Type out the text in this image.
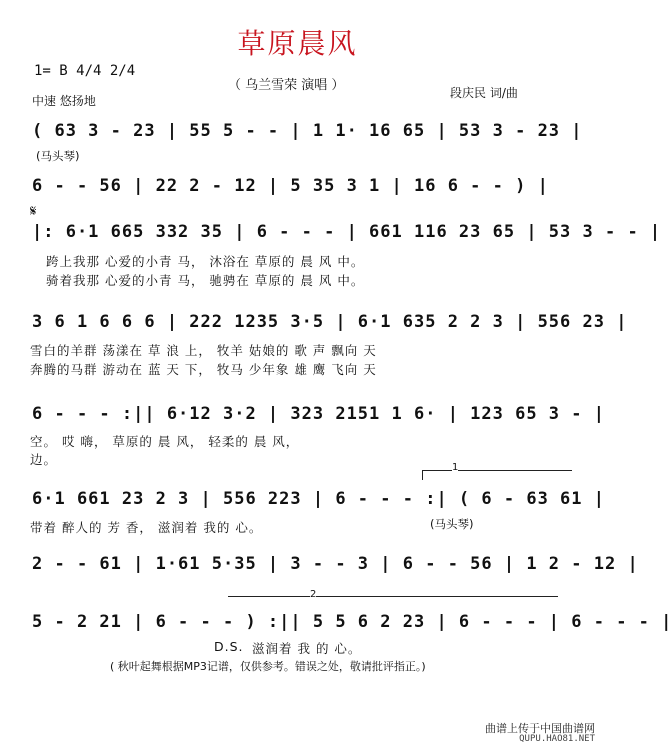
草原晨风
1= B 4/4 2/4
（ 乌兰雪荣 演唱 ）
中速 悠扬地
段庆民 词/曲
( 63 3 - 23 | 55 5 - - | 1 1· 16 65 | 53 3 - 23 |
(马头琴)
6 - - 56 | 22 2 - 12 | 5 35 3 1 | 16 6 - - ) |
𝄋
|: 6·1 665 332 35 | 6 - - - | 661 116 23 65 | 53 3 - - |
跨上我那 心爱的小青 马， 沐浴在 草原的 晨 风 中。
骑着我那 心爱的小青 马， 驰骋在 草原的 晨 风 中。
3 6 1 6 6 6 | 222 1235 3·5 | 6·1 635 2 2 3 | 556 23 |
雪白的羊群 荡漾在 草 浪 上， 牧羊 姑娘的 歌 声 飘向 天
奔腾的马群 游动在 蓝 天 下， 牧马 少年象 雄 鹰 飞向 天
6 - - - :|| 6·12 3·2 | 323 2151 1 6· | 123 65 3 - |
空。 哎 嗨， 草原的 晨 风， 轻柔的 晨 风，
边。
1
6·1 661 23 2 3 | 556 223 | 6 - - - :| ( 6 - 63 61 |
带着 醉人的 芳 香， 滋润着 我的 心。	(马头琴)
2 - - 61 | 1·61 5·35 | 3 - - 3 | 6 - - 56 | 1 2 - 12 |
2
5 - 2 21 | 6 - - - ) :|| 5 5 6 2 23 | 6 - - - | 6 - - - |
D.S. 滋润着 我 的 心。
( 秋叶起舞根据MP3记谱，仅供参考。错误之处，敬请批评指正。)
曲谱上传于中国曲谱网
QUPU.HAO81.NET
